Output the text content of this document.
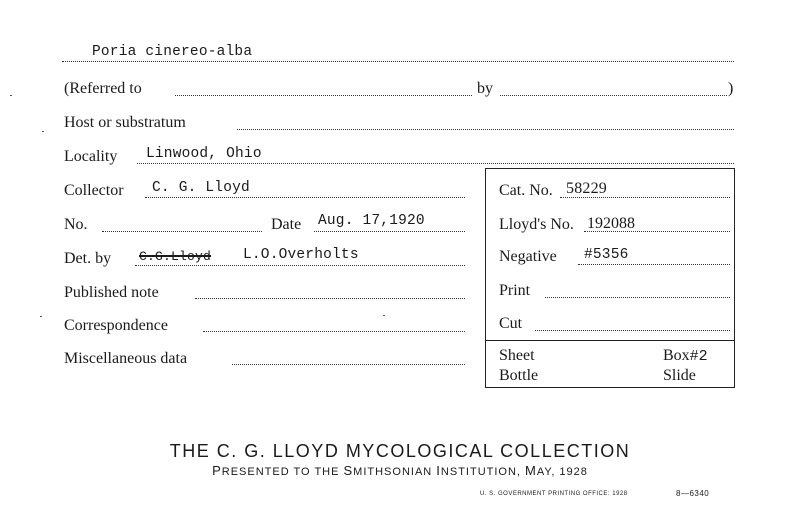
Poria cinereo-alba
(Referred to	by	)
Host or substratum
Locality Linwood, Ohio
Collector C. G. Lloyd	Cat. No. 58229
No.	Date Aug. 17,1920	Lloyd's No. 192088
Det. by C.G.Lloyd L.O.Overholts	Negative #5356
Published note	Print
Correspondence	Cut
Miscellaneous data	Sheet	Box#2
Bottle	Slide
THE C. G. LLOYD MYCOLOGICAL COLLECTION
PRESENTED TO THE SMITHSONIAN INSTITUTION, MAY, 1928
U. S. GOVERNMENT PRINTING OFFICE: 1928	8—6340
